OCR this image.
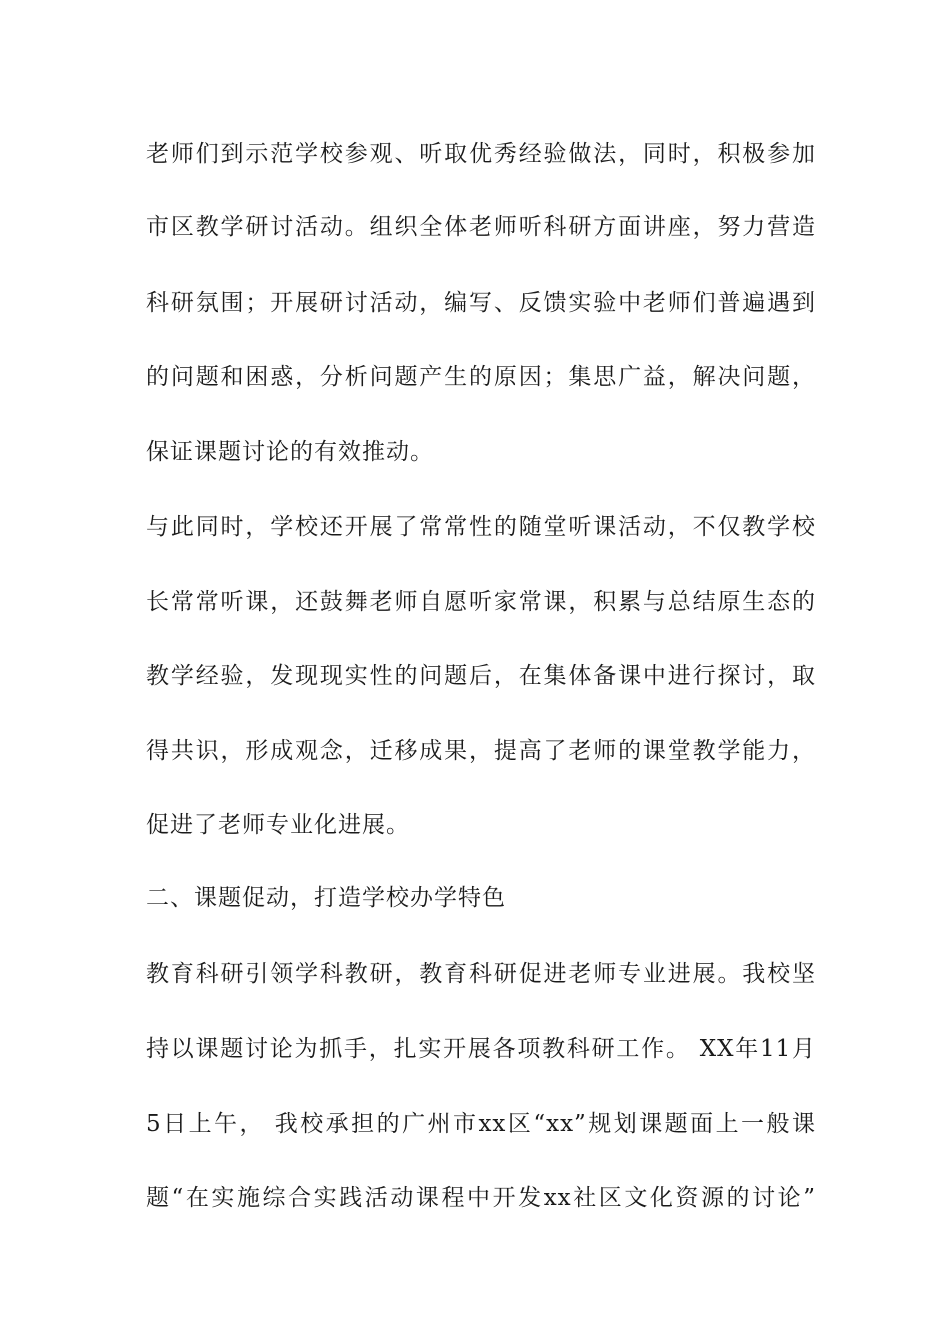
老师们到示范学校参观、听取优秀经验做法，同时，积极参加
市区教学研讨活动。组织全体老师听科研方面讲座，努力营造
科研氛围；开展研讨活动，编写、反馈实验中老师们普遍遇到
的问题和困惑，分析问题产生的原因；集思广益，解决问题，
保证课题讨论的有效推动。
与此同时，学校还开展了常常性的随堂听课活动，不仅教学校
长常常听课，还鼓舞老师自愿听家常课，积累与总结原生态的
教学经验，发现现实性的问题后，在集体备课中进行探讨，取
得共识，形成观念，迁移成果，提高了老师的课堂教学能力，
促进了老师专业化进展。
二、课题促动，打造学校办学特色
教育科研引领学科教研，教育科研促进老师专业进展。我校坚
持以课题讨论为抓手，扎实开展各项教科研工作。 XX年11月
5日上午， 我校承担的广州市xx区“xx”规划课题面上一般课
题“在实施综合实践活动课程中开发xx社区文化资源的讨论”
